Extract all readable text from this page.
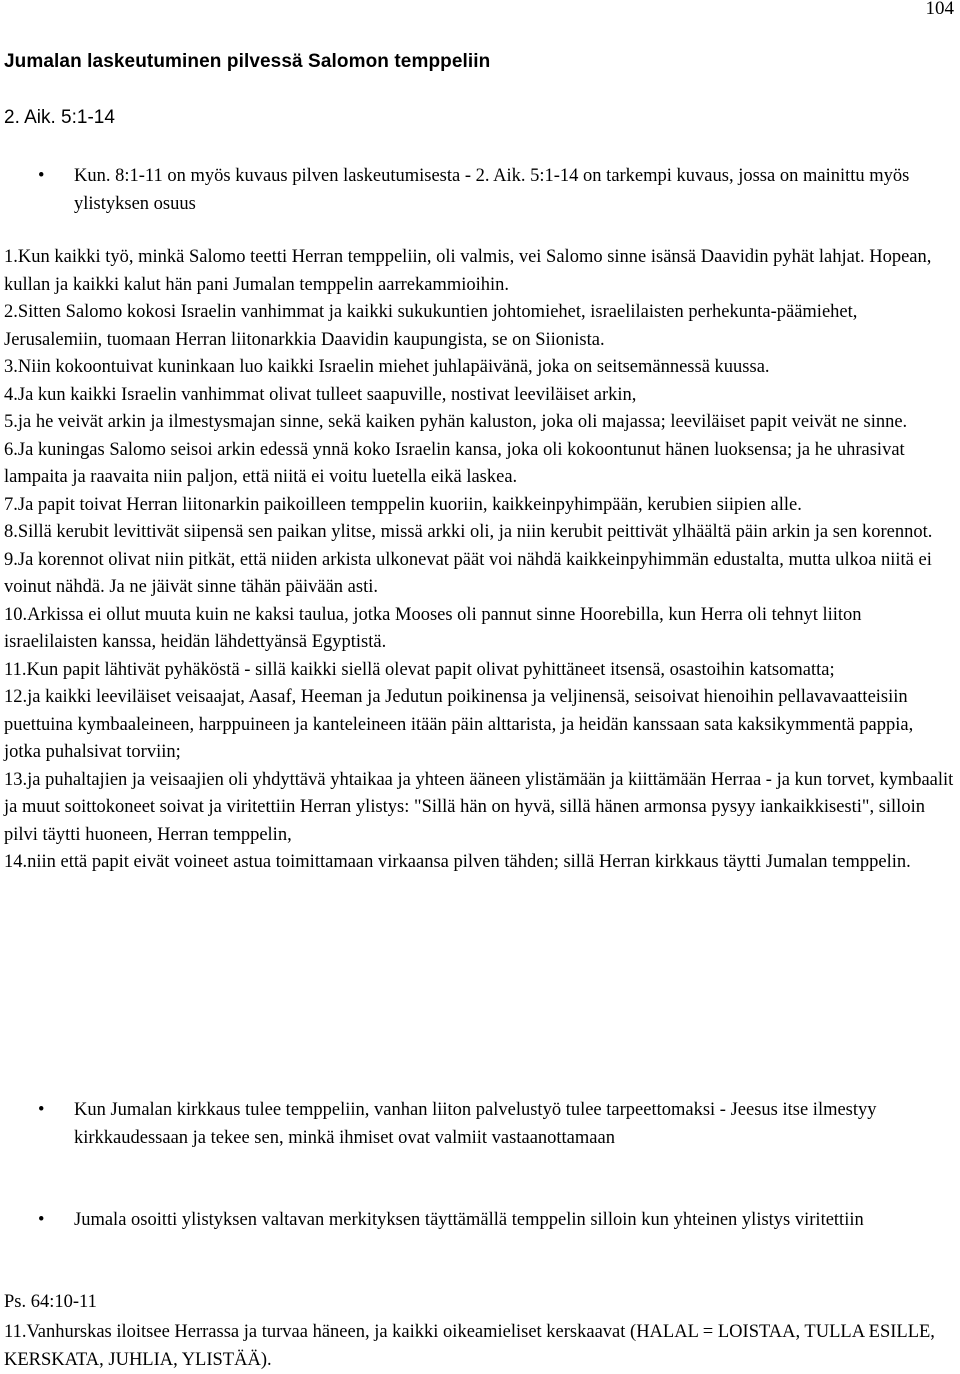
104
Jumalan laskeutuminen pilvessä Salomon temppeliin
2. Aik. 5:1-14
• Kun. 8:1-11 on myös kuvaus pilven laskeutumisesta - 2. Aik. 5:1-14 on tarkempi kuvaus, jossa on mainittu myös ylistyksen osuus

1.Kun kaikki työ, minkä Salomo teetti Herran temppeliin, oli valmis, vei Salomo sinne isänsä Daavidin pyhät lahjat. Hopean, kullan ja kaikki kalut hän pani Jumalan temppelin aarrekammioihin.

2.Sitten Salomo kokosi Israelin vanhimmat ja kaikki sukukuntien johtomiehet, israelilaisten perhekunta-päämiehet, Jerusalemiin, tuomaan Herran liitonarkkia Daavidin kaupungista, se on Siionista.

3.Niin kokoontuivat kuninkaan luo kaikki Israelin miehet juhlapäivänä, joka on seitsemännessä kuussa.

4.Ja kun kaikki Israelin vanhimmat olivat tulleet saapuville, nostivat leeviläiset arkin,

5.ja he veivät arkin ja ilmestysmajan sinne, sekä kaiken pyhän kaluston, joka oli majassa; leeviläiset papit veivät ne sinne.

6.Ja kuningas Salomo seisoi arkin edessä ynnä koko Israelin kansa, joka oli kokoontunut hänen luoksensa; ja he uhrasivat lampaita ja raavaita niin paljon, että niitä ei voitu luetella eikä laskea.

7.Ja papit toivat Herran liitonarkin paikoilleen temppelin kuoriin, kaikkeinpyhimpään, kerubien siipien alle.

8.Sillä kerubit levittivät siipensä sen paikan ylitse, missä arkki oli, ja niin kerubit peittivät ylhäältä päin arkin ja sen korennot.

9.Ja korennot olivat niin pitkät, että niiden arkista ulkonevat päät voi nähdä kaikkeinpyhimmän edustalta, mutta ulkoa niitä ei voinut nähdä. Ja ne jäivät sinne tähän päivään asti.

10.Arkissa ei ollut muuta kuin ne kaksi taulua, jotka Mooses oli pannut sinne Hoorebilla, kun Herra oli tehnyt liiton israelilaisten kanssa, heidän lähdettyänsä Egyptistä.

11.Kun papit lähtivät pyhäköstä - sillä kaikki siellä olevat papit olivat pyhittäneet itsensä, osastoihin katsomatta;

12.ja kaikki leeviläiset veisaajat, Aasaf, Heeman ja Jedutun poikinensa ja veljinensä, seisoivat hienoihin pellavavaatteisiin puettuina kymbaaleineen, harppuineen ja kanteleineen itään päin alttarista, ja heidän kanssaan sata kaksikymmentä pappia, jotka puhalsivat torviin;

13.ja puhaltajien ja veisaajien oli yhdyttävä yhtaikaa ja yhteen ääneen ylistämään ja kiittämään Herraa - ja kun torvet, kymbaalit ja muut soittokoneet soivat ja viritettiin Herran ylistys: "Sillä hän on hyvä, sillä hänen armonsa pysyy iankaikkisesti", silloin pilvi täytti huoneen, Herran temppelin,

14.niin että papit eivät voineet astua toimittamaan virkaansa pilven tähden; sillä Herran kirkkaus täytti Jumalan temppelin.

• Kun Jumalan kirkkaus tulee temppeliin, vanhan liiton palvelustyö tulee tarpeettomaksi - Jeesus itse ilmestyy kirkkaudessaan ja tekee sen, minkä ihmiset ovat valmiit vastaanottamaan
• Jumala osoitti ylistyksen valtavan merkityksen täyttämällä temppelin silloin kun yhteinen ylistys viritettiin
Ps. 64:10-11
11.Vanhurskas iloitsee Herrassa ja turvaa häneen, ja kaikki oikeamieliset kerskaavat (HALAL = LOISTAA, TULLA ESILLE, KERSKATA, JUHLIA, YLISTÄÄ).
